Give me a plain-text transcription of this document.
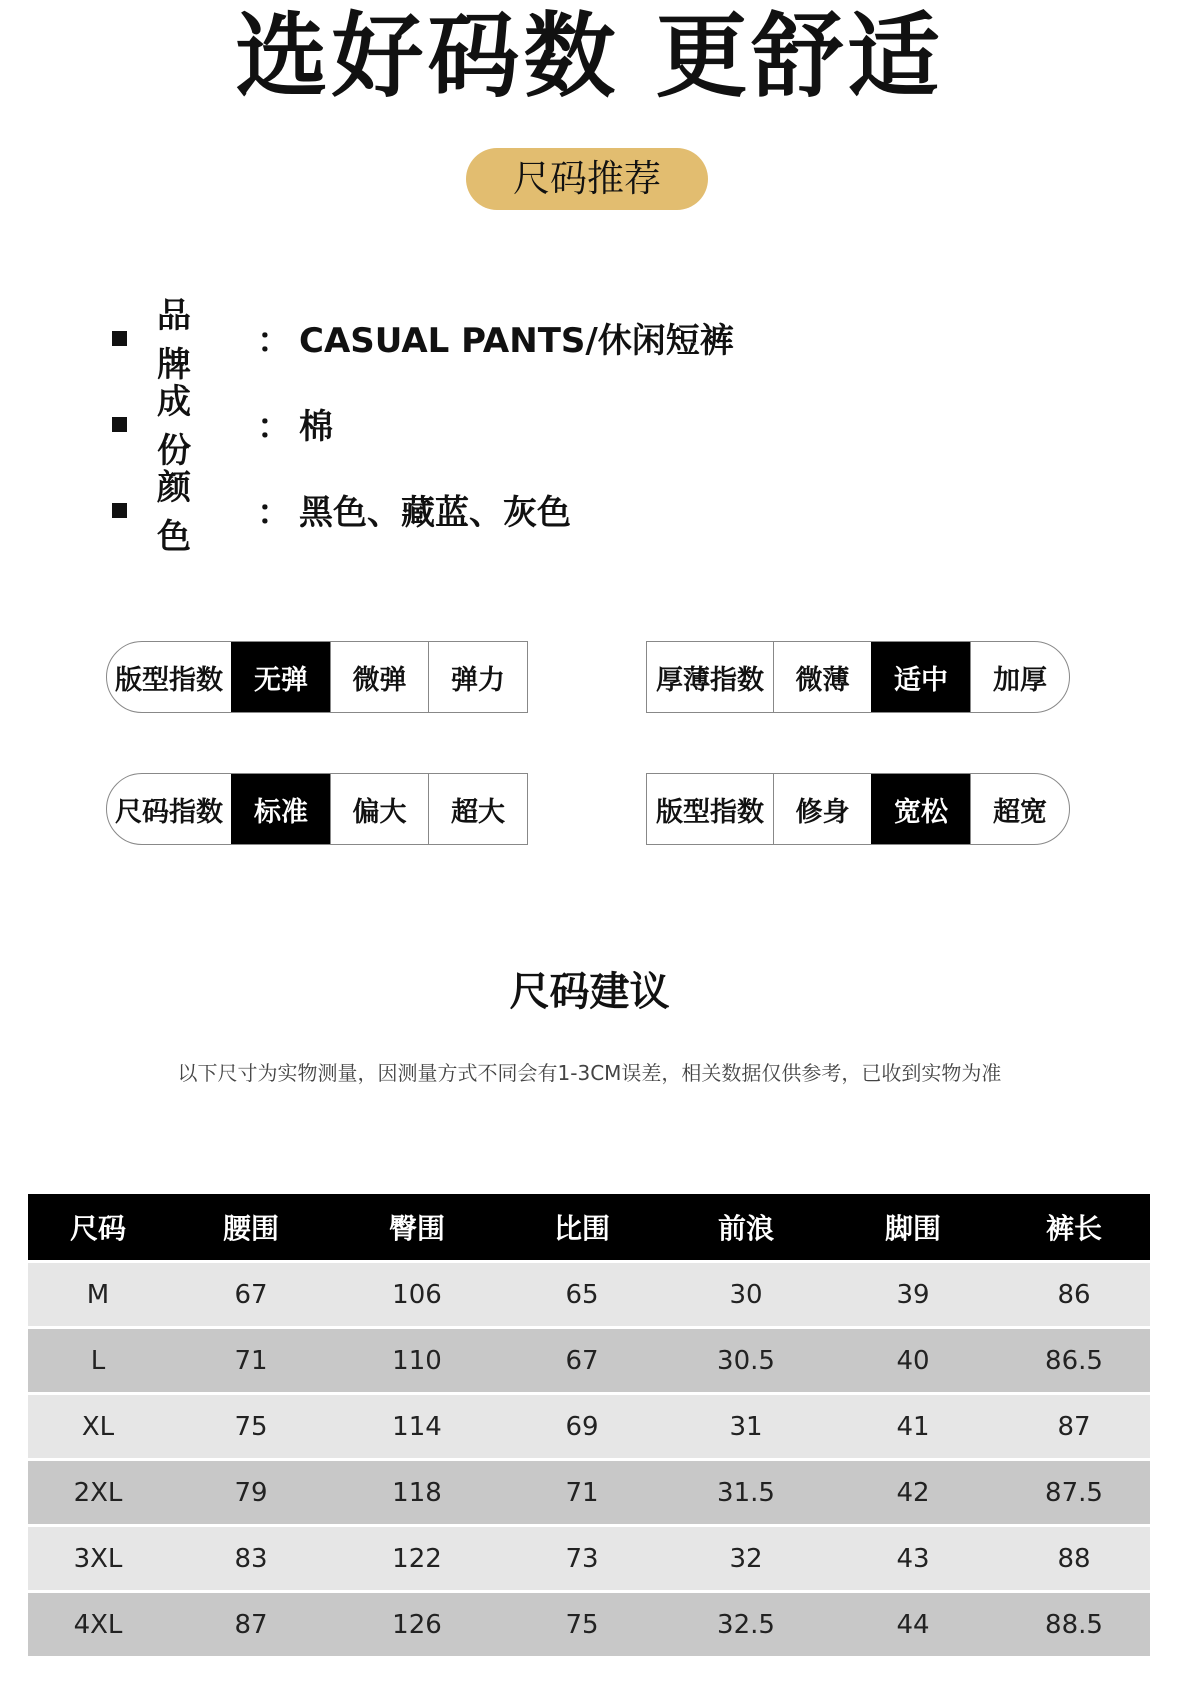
选好码数 更舒适
尺码推荐
品牌
： CASUAL PANTS/休闲短裤
成份
： 棉
颜色
： 黑色、藏蓝、灰色
版型指数	无弹	微弹	弹力	厚薄指数	微薄	适中	加厚
尺码指数	标准	偏大	超大	版型指数	修身	宽松	超宽
尺码建议
以下尺寸为实物测量，因测量方式不同会有1-3CM误差，相关数据仅供参考，已收到实物为准
尺码	腰围	臀围	比围	前浪	脚围	裤长
M	67	106	65	30	39	86
L	71	110	67	30.5	40	86.5
XL	75	114	69	31	41	87
2XL	79	118	71	31.5	42	87.5
3XL	83	122	73	32	43	88
4XL	87	126	75	32.5	44	88.5
